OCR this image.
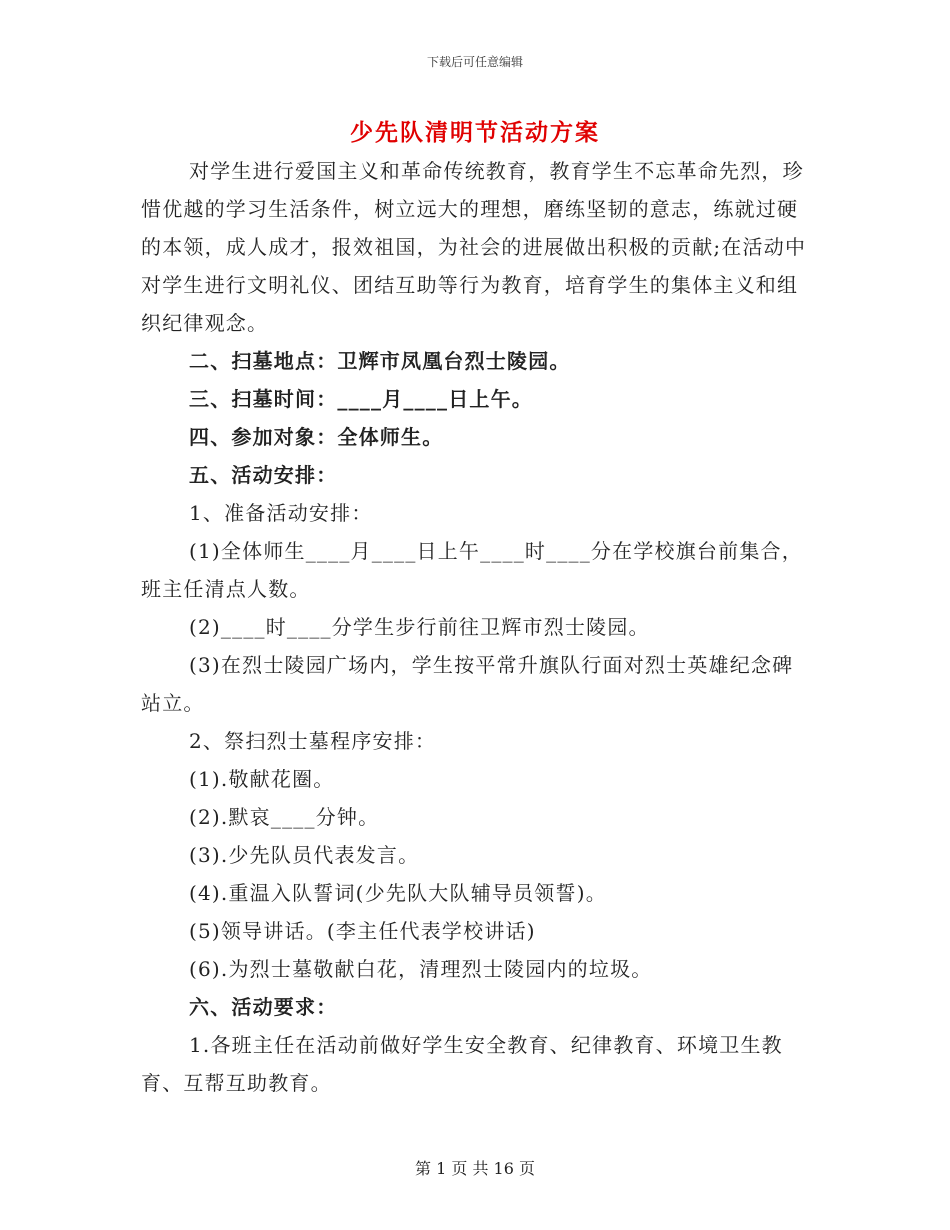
下载后可任意编辑
少先队清明节活动方案

对学生进行爱国主义和革命传统教育，教育学生不忘革命先烈，珍惜优越的学习生活条件，树立远大的理想，磨练坚韧的意志，练就过硬的本领，成人成才，报效祖国，为社会的进展做出积极的贡献;在活动中对学生进行文明礼仪、团结互助等行为教育，培育学生的集体主义和组织纪律观念。

二、扫墓地点：卫辉市凤凰台烈士陵园。

三、扫墓时间：____月____日上午。

四、参加对象：全体师生。

五、活动安排：

1、准备活动安排：

(1)全体师生____月____日上午____时____分在学校旗台前集合，班主任清点人数。

(2)____时____分学生步行前往卫辉市烈士陵园。

(3)在烈士陵园广场内，学生按平常升旗队行面对烈士英雄纪念碑站立。

2、祭扫烈士墓程序安排：

(1).敬献花圈。

(2).默哀____分钟。

(3).少先队员代表发言。

(4).重温入队誓词(少先队大队辅导员领誓)。

(5)领导讲话。(李主任代表学校讲话)

(6).为烈士墓敬献白花，清理烈士陵园内的垃圾。

六、活动要求：

1.各班主任在活动前做好学生安全教育、纪律教育、环境卫生教育、互帮互助教育。

第 1 页 共 16 页
